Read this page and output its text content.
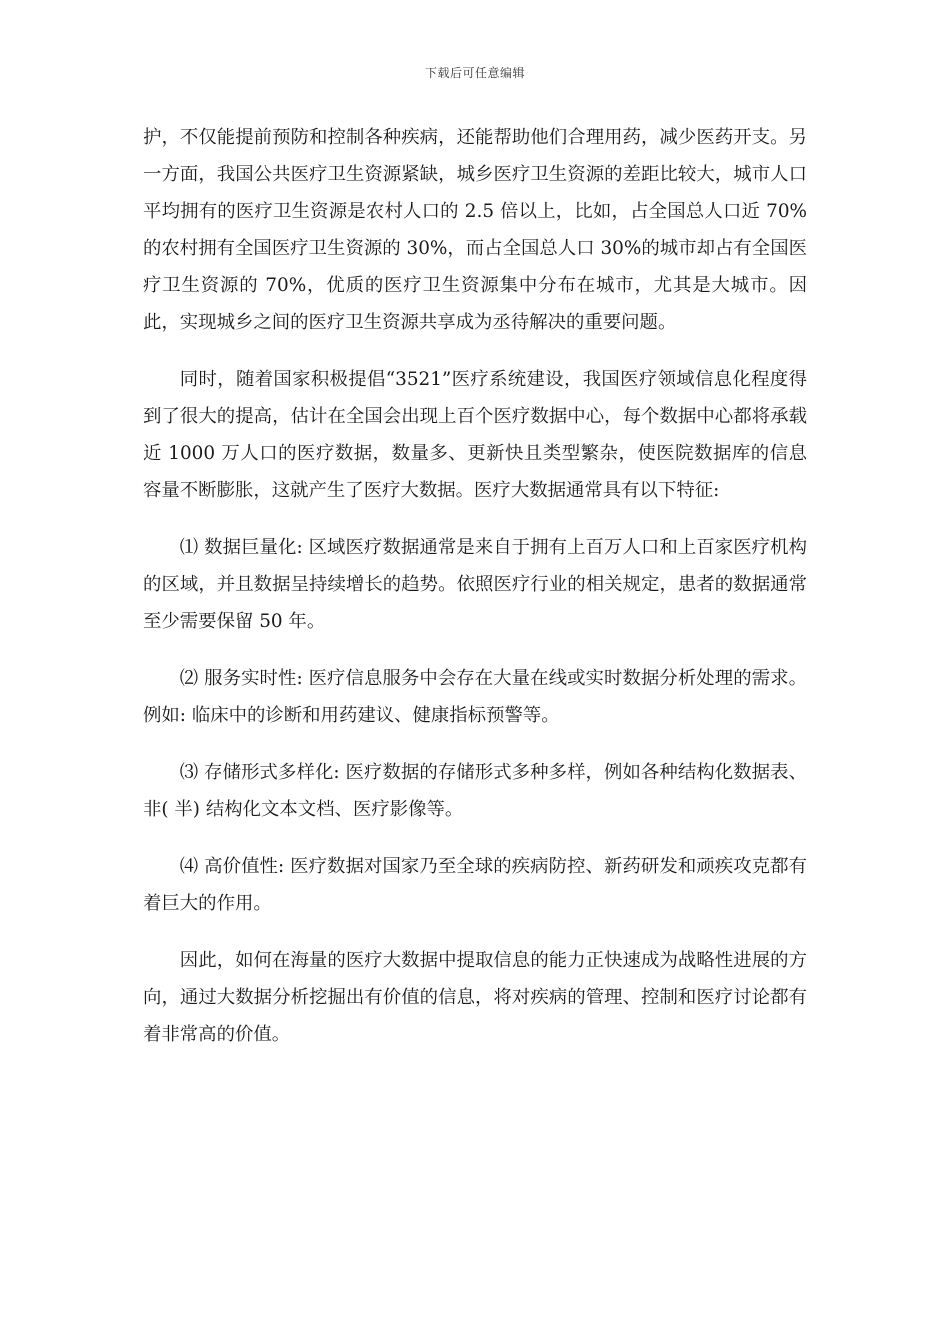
下载后可任意编辑

护，不仅能提前预防和控制各种疾病，还能帮助他们合理用药，减少医药开支。另一方面，我国公共医疗卫生资源紧缺，城乡医疗卫生资源的差距比较大，城市人口平均拥有的医疗卫生资源是农村人口的 2.5 倍以上，比如，占全国总人口近 70%的农村拥有全国医疗卫生资源的 30%，而占全国总人口 30%的城市却占有全国医疗卫生资源的 70%，优质的医疗卫生资源集中分布在城市，尤其是大城市。因此，实现城乡之间的医疗卫生资源共享成为丞待解决的重要问题。

同时，随着国家积极提倡“3521”医疗系统建设，我国医疗领域信息化程度得到了很大的提高，估计在全国会出现上百个医疗数据中心，每个数据中心都将承载近 1000 万人口的医疗数据，数量多、更新快且类型繁杂，使医院数据库的信息容量不断膨胀，这就产生了医疗大数据。医疗大数据通常具有以下特征:

⑴ 数据巨量化: 区域医疗数据通常是来自于拥有上百万人口和上百家医疗机构的区域，并且数据呈持续增长的趋势。依照医疗行业的相关规定，患者的数据通常至少需要保留 50 年。

⑵ 服务实时性: 医疗信息服务中会存在大量在线或实时数据分析处理的需求。例如: 临床中的诊断和用药建议、健康指标预警等。

⑶ 存储形式多样化: 医疗数据的存储形式多种多样，例如各种结构化数据表、非( 半) 结构化文本文档、医疗影像等。

⑷ 高价值性: 医疗数据对国家乃至全球的疾病防控、新药研发和顽疾攻克都有着巨大的作用。

因此，如何在海量的医疗大数据中提取信息的能力正快速成为战略性进展的方向，通过大数据分析挖掘出有价值的信息，将对疾病的管理、控制和医疗讨论都有着非常高的价值。
